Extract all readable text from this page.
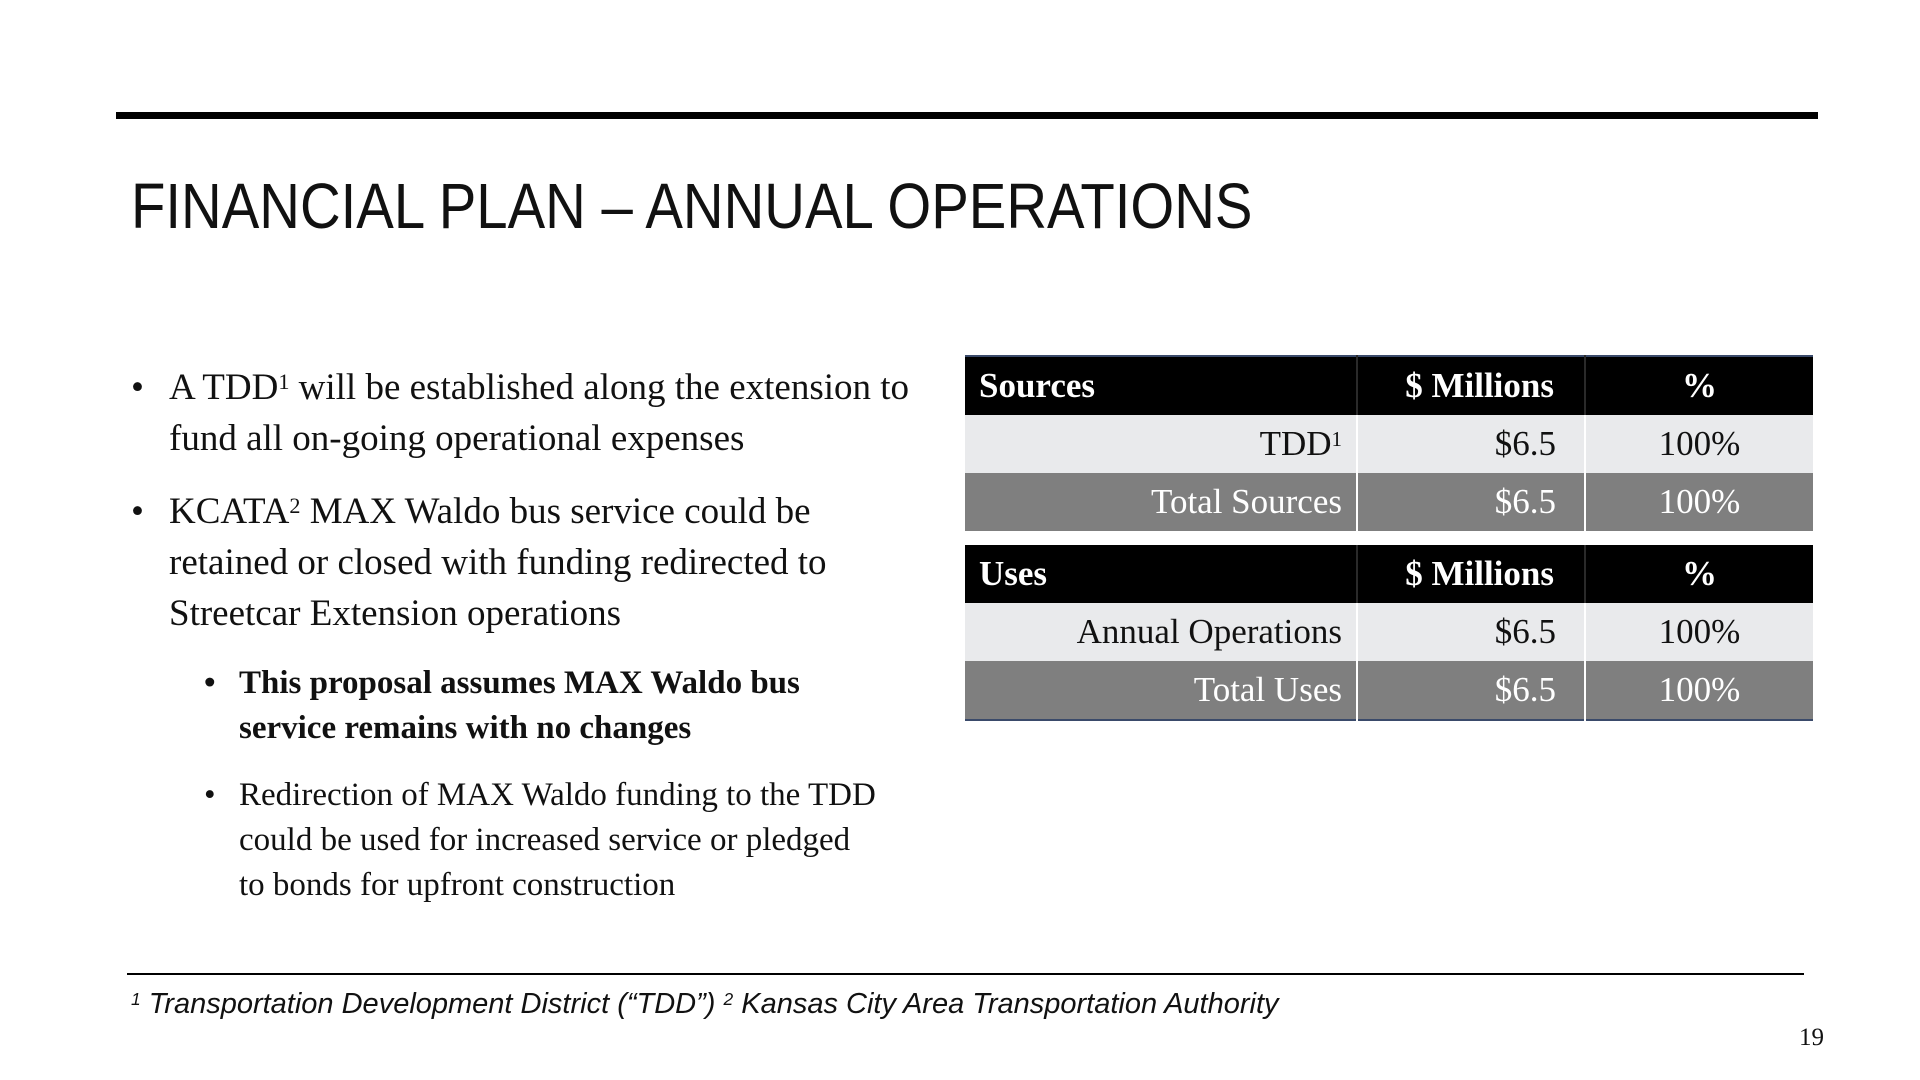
FINANCIAL PLAN – ANNUAL OPERATIONS
• A TDD$^1$ will be established along the extension to fund all on-going operational expenses
• KCATA$^2$ MAX Waldo bus service could be retained or closed with funding redirected to Streetcar Extension operations
• This proposal assumes MAX Waldo bus service remains with no changes
• Redirection of MAX Waldo funding to the TDD could be used for increased service or pledged to bonds for upfront construction
Sources	$ Millions	%
TDD$^1$	$6.5	100%
Total Sources	$6.5	100%
Uses	$ Millions	%
Annual Operations	$6.5	100%
Total Uses	$6.5	100%
$^1$ Transportation Development District (“TDD”) $^2$ Kansas City Area Transportation Authority
19
